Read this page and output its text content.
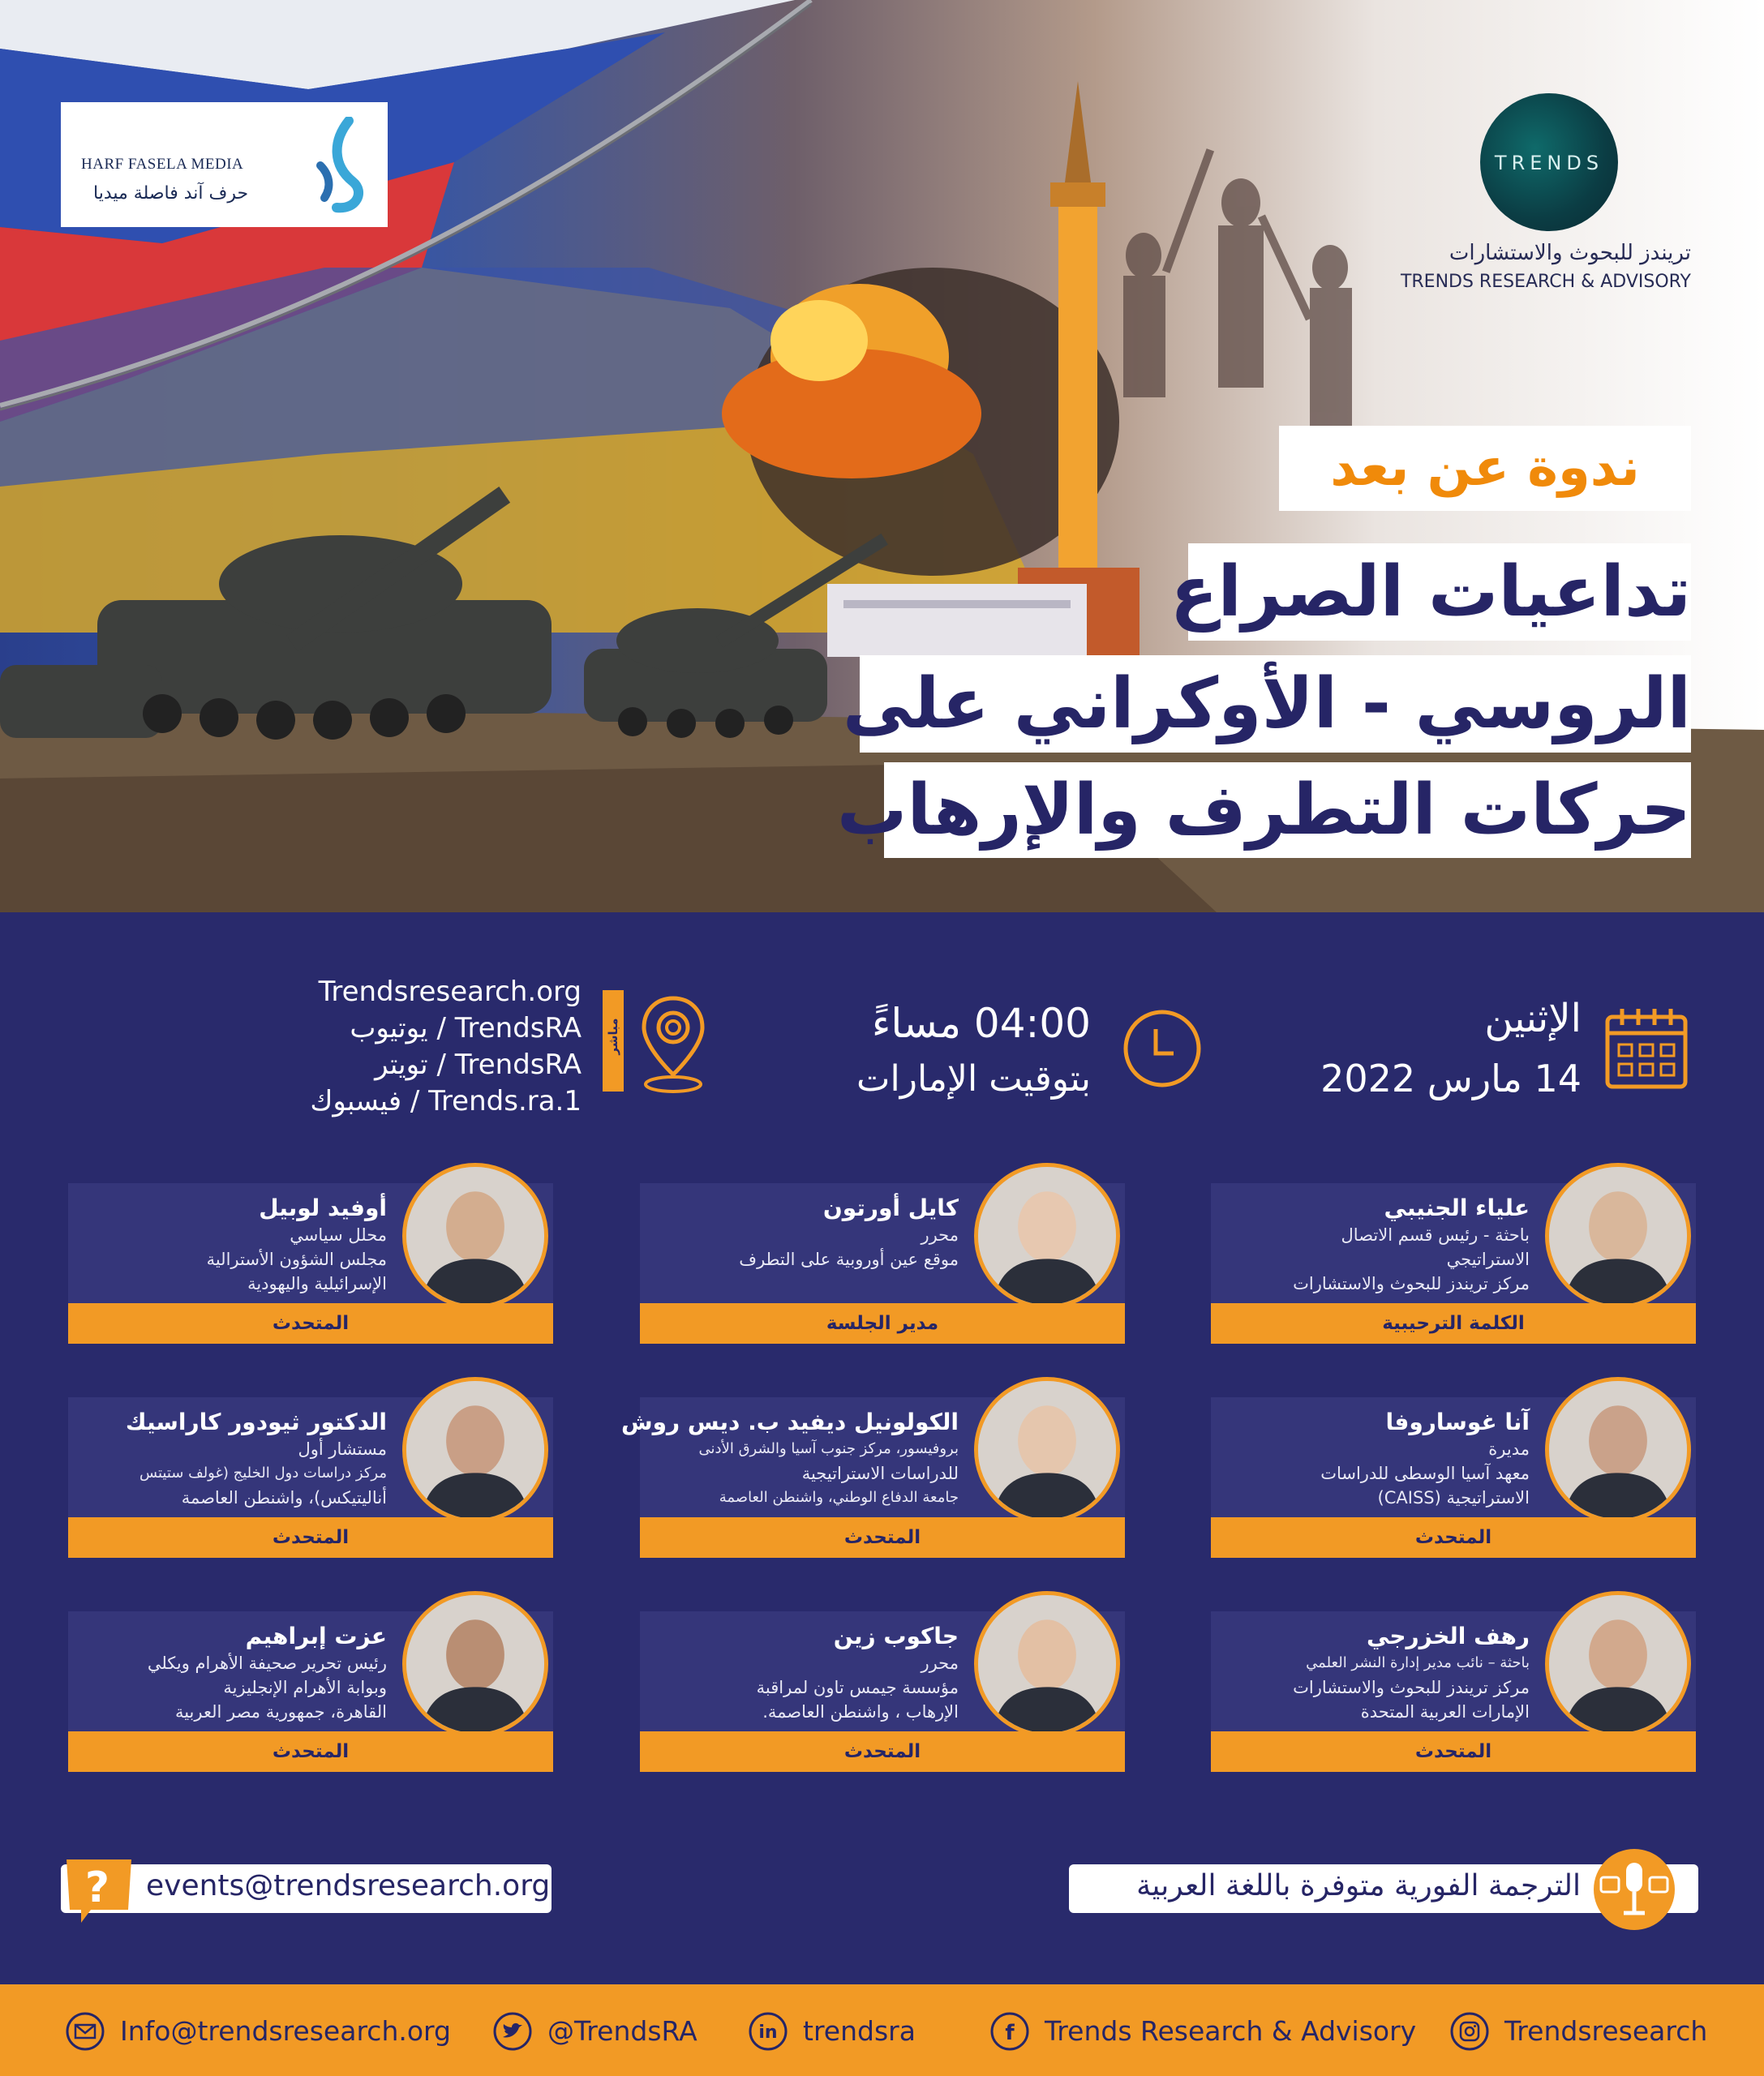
HARF FASELA MEDIA
حرف آند فاصلة ميديا
TRENDS
تريندز للبحوث والاستشارات
TRENDS RESEARCH & ADVISORY
ندوة عن بعد
تداعيات الصراع
الروسي - الأوكراني على
حركات التطرف والإرهاب
الإثنين
14 مارس 2022
04:00 مساءً
بتوقيت الإمارات
مباشر
Trendsresearch.org
TrendsRA / يوتيوب
TrendsRA / تويتر
Trends.ra.1 / فيسبوك
علياء الجنيبي
باحثة - رئيس قسم الاتصال
الاستراتيجي
مركز تريندز للبحوث والاستشارات
الكلمة الترحيبية
كايل أورتون
محرر
موقع عين أوروبية على التطرف
مدير الجلسة
أوفيد لوبيل
محلل سياسي
مجلس الشؤون الأسترالية
الإسرائيلية واليهودية
المتحدث
آنا غوساروفا
مديرة
معهد آسيا الوسطى للدراسات
الاستراتيجية (CAISS)
المتحدث
الكولونيل ديفيد ب. ديس روش
بروفيسور، مركز جنوب آسيا والشرق الأدنى
للدراسات الاستراتيجية
جامعة الدفاع الوطني، واشنطن العاصمة
المتحدث
الدكتور ثيودور كاراسيك
مستشار أول
مركز دراسات دول الخليج (غولف ستيتس
أناليتيكس)، واشنطن العاصمة
المتحدث
رهف الخزرجي
باحثة – نائب مدير إدارة النشر العلمي
مركز تريندز للبحوث والاستشارات
الإمارات العربية المتحدة
المتحدث
جاكوب زين
محرر
مؤسسة جيمس تاون لمراقبة
الإرهاب ، واشنطن العاصمة.
المتحدث
عزت إبراهيم
رئيس تحرير صحيفة الأهرام ويكلي
وبوابة الأهرام الإنجليزية
القاهرة، جمهورية مصر العربية
المتحدث
events@trendsresearch.org
?	الترجمة الفورية متوفرة باللغة العربية
Info@trendsresearch.org	@TrendsRA	in trendsra	f Trends Research & Advisory	Trendsresearch
